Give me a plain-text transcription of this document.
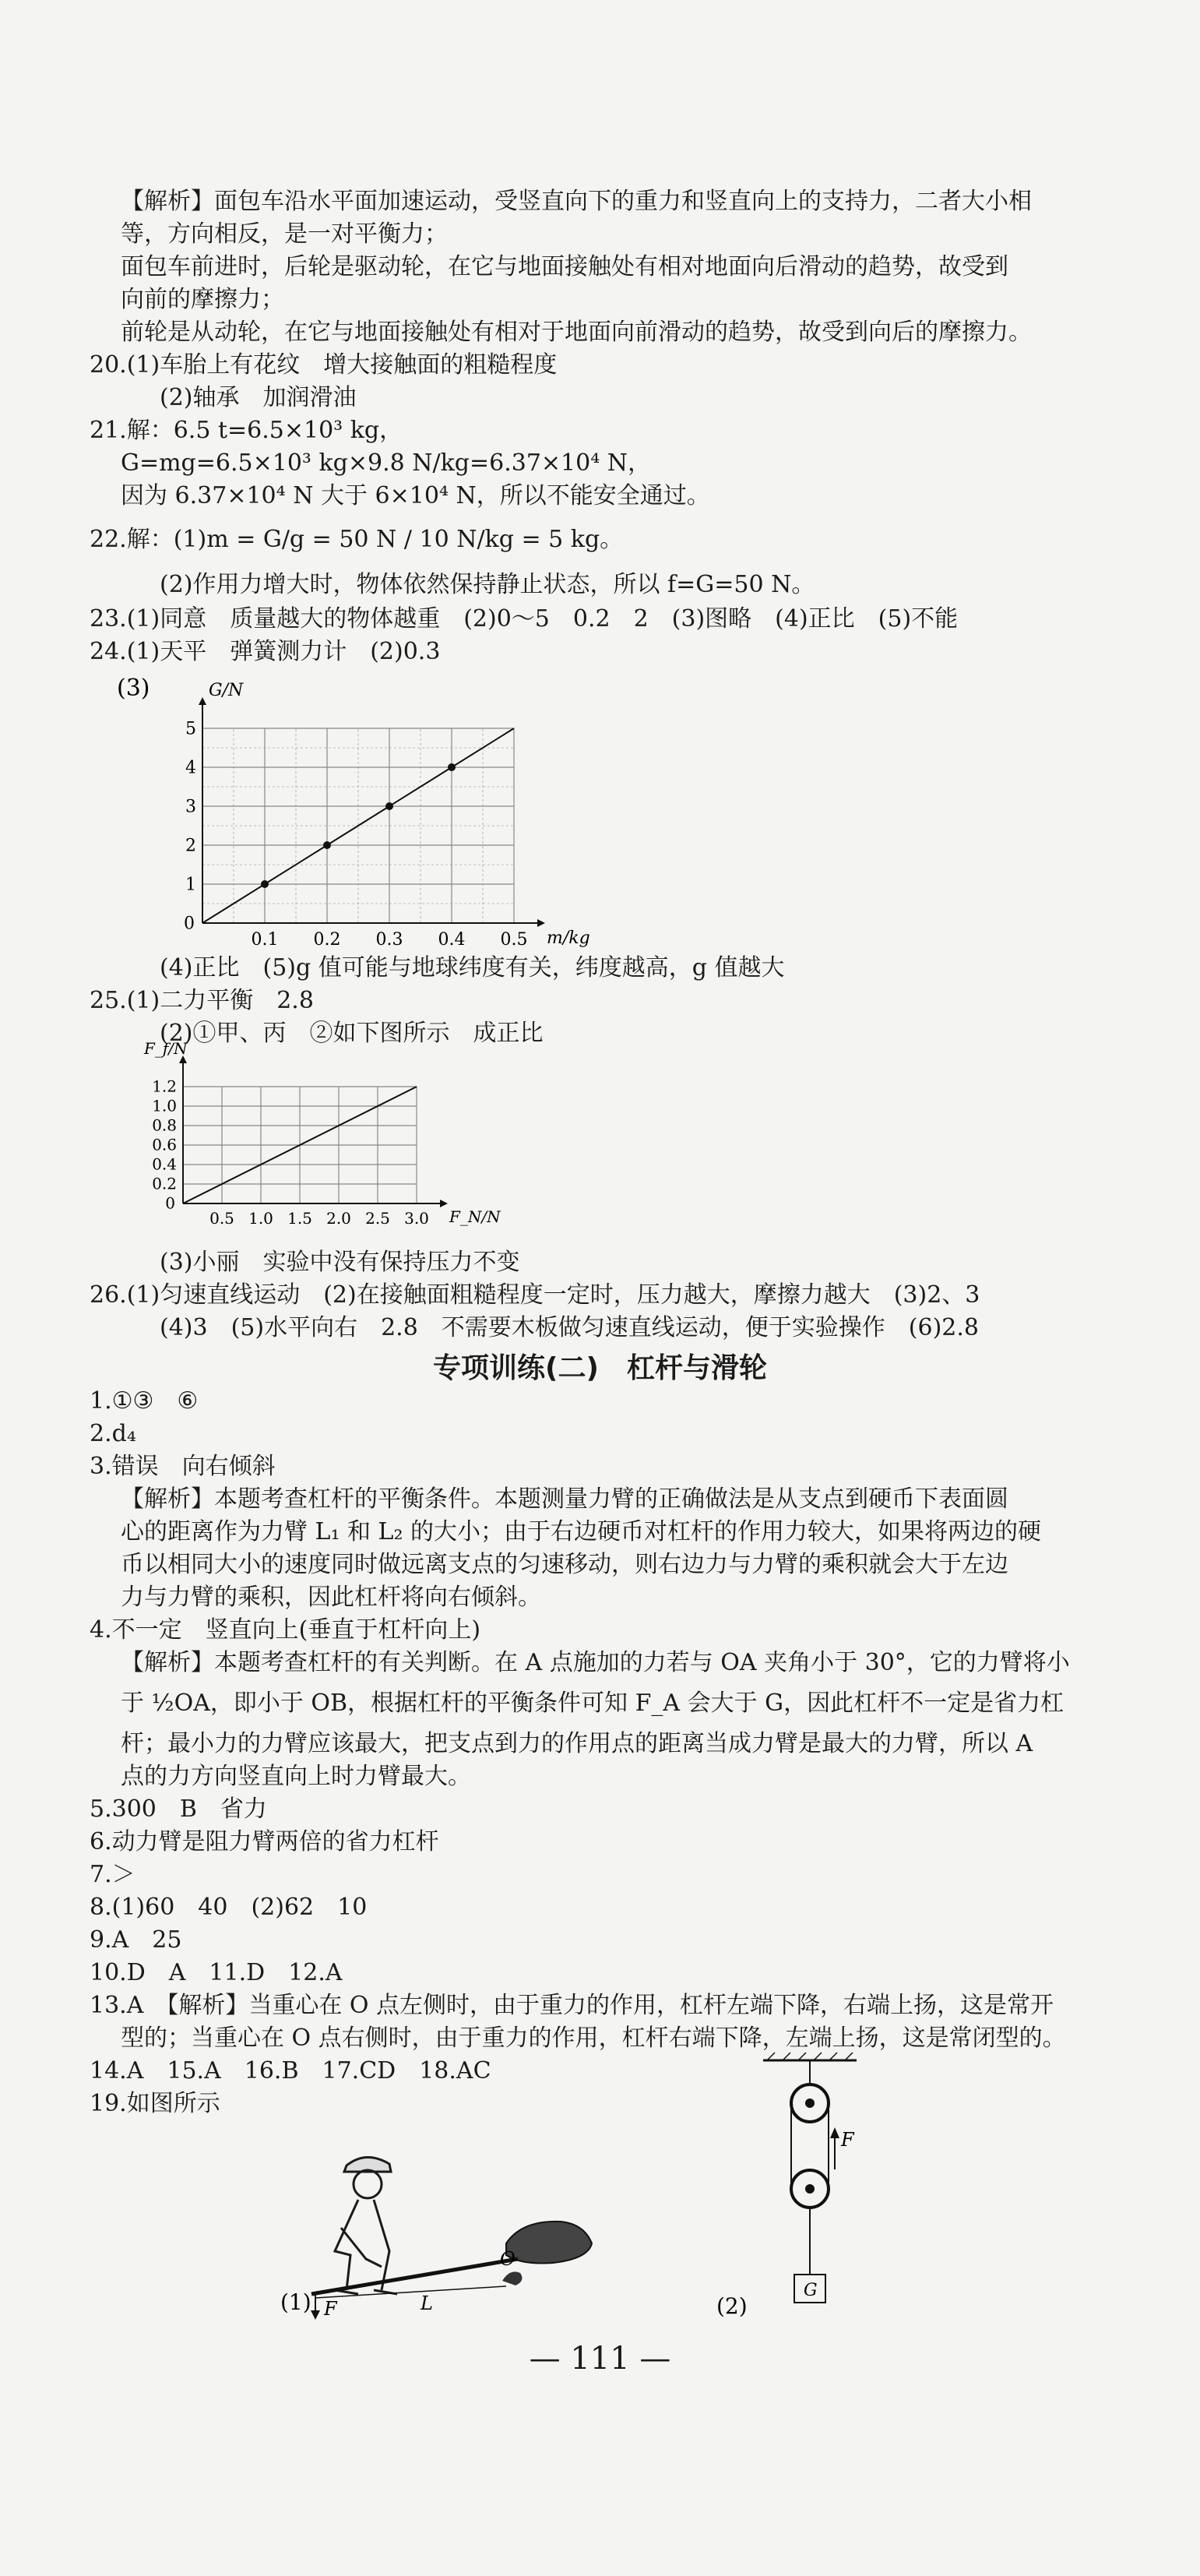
【解析】面包车沿水平面加速运动，受竖直向下的重力和竖直向上的支持力，二者大小相
等，方向相反，是一对平衡力；
面包车前进时，后轮是驱动轮，在它与地面接触处有相对地面向后滑动的趋势，故受到
向前的摩擦力；
前轮是从动轮，在它与地面接触处有相对于地面向前滑动的趋势，故受到向后的摩擦力。
20.(1)车胎上有花纹　增大接触面的粗糙程度
(2)轴承　加润滑油
21.解：6.5 t=6.5×10³ kg，
G=mg=6.5×10³ kg×9.8 N/kg=6.37×10⁴ N，
因为 6.37×10⁴ N 大于 6×10⁴ N，所以不能安全通过。
22.解：(1)m = G/g = 50 N / 10 N/kg = 5 kg。
(2)作用力增大时，物体依然保持静止状态，所以 f=G=50 N。
23.(1)同意　质量越大的物体越重　(2)0～5　0.2　2　(3)图略　(4)正比　(5)不能
24.(1)天平　弹簧测力计　(2)0.3
0.1 0.2 0.3 0.4 0.5
1
2
3
4
5
0
m/kg
G/N
(3)
(4)正比　(5)g 值可能与地球纬度有关，纬度越高，g 值越大
25.(1)二力平衡　2.8
(2)①甲、丙　②如下图所示　成正比
0.5 1.0 1.5 2.0 2.5 3.0
0.2
0.4
0.6
0.8
1.0
1.2
0
F_N/N
F_f/N
(3)小丽　实验中没有保持压力不变
26.(1)匀速直线运动　(2)在接触面粗糙程度一定时，压力越大，摩擦力越大　(3)2、3
(4)3　(5)水平向右　2.8　不需要木板做匀速直线运动，便于实验操作　(6)2.8
专项训练(二)　杠杆与滑轮
1.①③　⑥
2.d₄
3.错误　向右倾斜
【解析】本题考查杠杆的平衡条件。本题测量力臂的正确做法是从支点到硬币下表面圆
心的距离作为力臂 L₁ 和 L₂ 的大小；由于右边硬币对杠杆的作用力较大，如果将两边的硬
币以相同大小的速度同时做远离支点的匀速移动，则右边力与力臂的乘积就会大于左边
力与力臂的乘积，因此杠杆将向右倾斜。
4.不一定　竖直向上(垂直于杠杆向上)
【解析】本题考查杠杆的有关判断。在 A 点施加的力若与 OA 夹角小于 30°，它的力臂将小
于 ½OA，即小于 OB，根据杠杆的平衡条件可知 F_A 会大于 G，因此杠杆不一定是省力杠
杆；最小力的力臂应该最大，把支点到力的作用点的距离当成力臂是最大的力臂，所以 A
点的力方向竖直向上时力臂最大。
5.300　B　省力
6.动力臂是阻力臂两倍的省力杠杆
7.＞
8.(1)60　40　(2)62　10
9.A　25
10.D　A　11.D　12.A
13.A　【解析】当重心在 O 点左侧时，由于重力的作用，杠杆左端下降，右端上扬，这是常开
型的；当重心在 O 点右侧时，由于重力的作用，杠杆右端下降，左端上扬，这是常闭型的。
14.A　15.A　16.B　17.CD　18.AC
19.如图所示
(1) F	L
O
(2)
F
G
— 111 —
